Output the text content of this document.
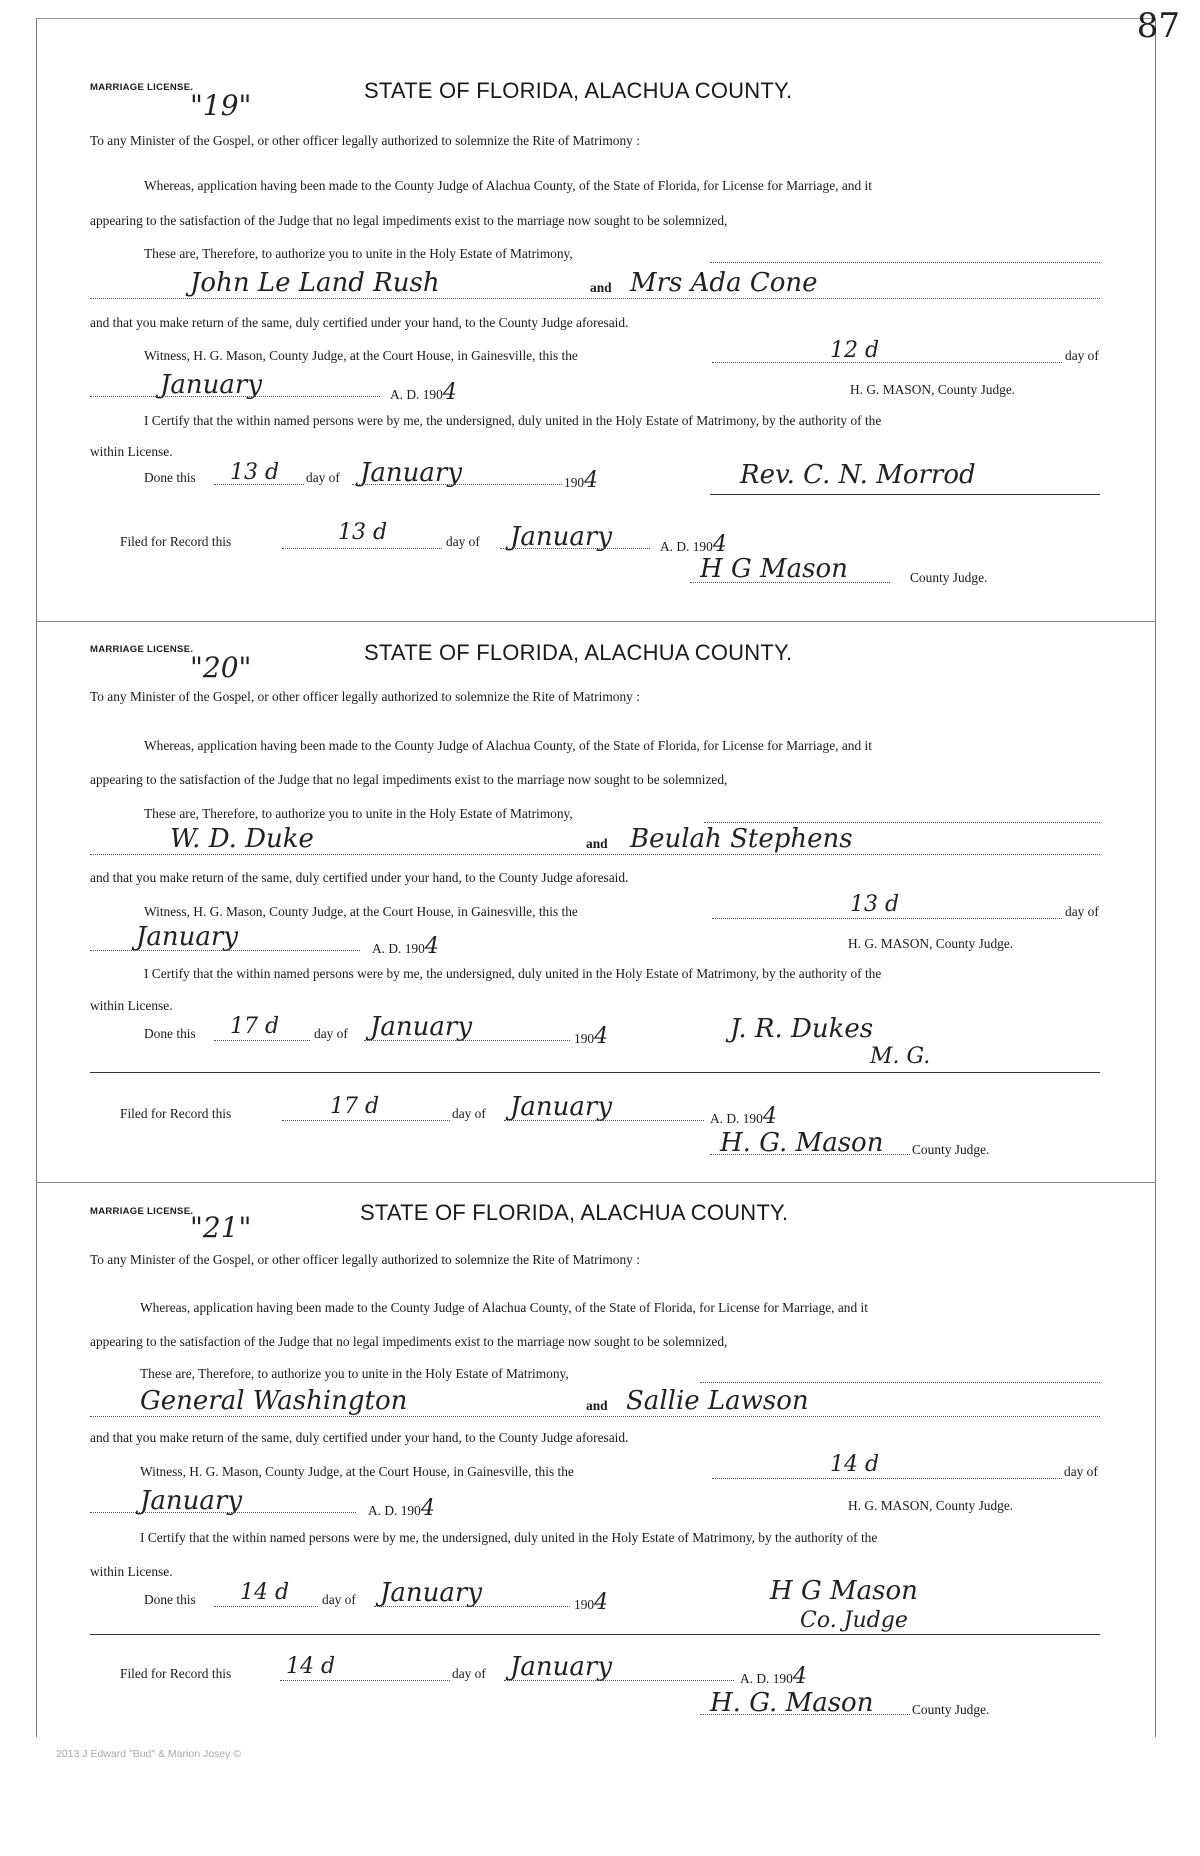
87
MARRIAGE LICENSE.
"19"	STATE OF FLORIDA, ALACHUA COUNTY.
To any Minister of the Gospel, or other officer legally authorized to solemnize the Rite of Matrimony :
Whereas, application having been made to the County Judge of Alachua County, of the State of Florida, for License for Marriage, and it
appearing to the satisfaction of the Judge that no legal impediments exist to the marriage now sought to be solemnized,
These are, Therefore, to authorize you to unite in the Holy Estate of Matrimony,
John Le Land Rush	and Mrs Ada Cone
and that you make return of the same, duly certified under your hand, to the County Judge aforesaid.
Witness, H. G. Mason, County Judge, at the Court House, in Gainesville, this the	12 d	day of
January	A. D. 1904	H. G. MASON, County Judge.
I Certify that the within named persons were by me, the undersigned, duly united in the Holy Estate of Matrimony, by the authority of the
within License.
Done this 13 d day of January	1904	Rev. C. N. Morrod
Filed for Record this	13 d	day of January	A. D. 1904
H G Mason	County Judge.
MARRIAGE LICENSE.
"20"	STATE OF FLORIDA, ALACHUA COUNTY.
To any Minister of the Gospel, or other officer legally authorized to solemnize the Rite of Matrimony :
Whereas, application having been made to the County Judge of Alachua County, of the State of Florida, for License for Marriage, and it
appearing to the satisfaction of the Judge that no legal impediments exist to the marriage now sought to be solemnized,
These are, Therefore, to authorize you to unite in the Holy Estate of Matrimony,
W. D. Duke	and Beulah Stephens
and that you make return of the same, duly certified under your hand, to the County Judge aforesaid.
Witness, H. G. Mason, County Judge, at the Court House, in Gainesville, this the	13 d	day of
January	A. D. 1904	H. G. MASON, County Judge.
I Certify that the within named persons were by me, the undersigned, duly united in the Holy Estate of Matrimony, by the authority of the
within License.
Done this 17 d	day of January	1904	J. R. Dukes
M. G.
Filed for Record this	17 d	day of January	A. D. 1904
H. G. Mason County Judge.
MARRIAGE LICENSE.
"21"	STATE OF FLORIDA, ALACHUA COUNTY.
To any Minister of the Gospel, or other officer legally authorized to solemnize the Rite of Matrimony :
Whereas, application having been made to the County Judge of Alachua County, of the State of Florida, for License for Marriage, and it
appearing to the satisfaction of the Judge that no legal impediments exist to the marriage now sought to be solemnized,
These are, Therefore, to authorize you to unite in the Holy Estate of Matrimony,
General Washington	and Sallie Lawson
and that you make return of the same, duly certified under your hand, to the County Judge aforesaid.
Witness, H. G. Mason, County Judge, at the Court House, in Gainesville, this the	14 d	day of
January	A. D. 1904	H. G. MASON, County Judge.
I Certify that the within named persons were by me, the undersigned, duly united in the Holy Estate of Matrimony, by the authority of the
within License.
Done this 14 d day of January	1904	H G Mason
Co. Judge
Filed for Record this 14 d	day of January	A. D. 1904
H. G. Mason	County Judge.
2013 J Edward "Bud" & Marion Josey ©
